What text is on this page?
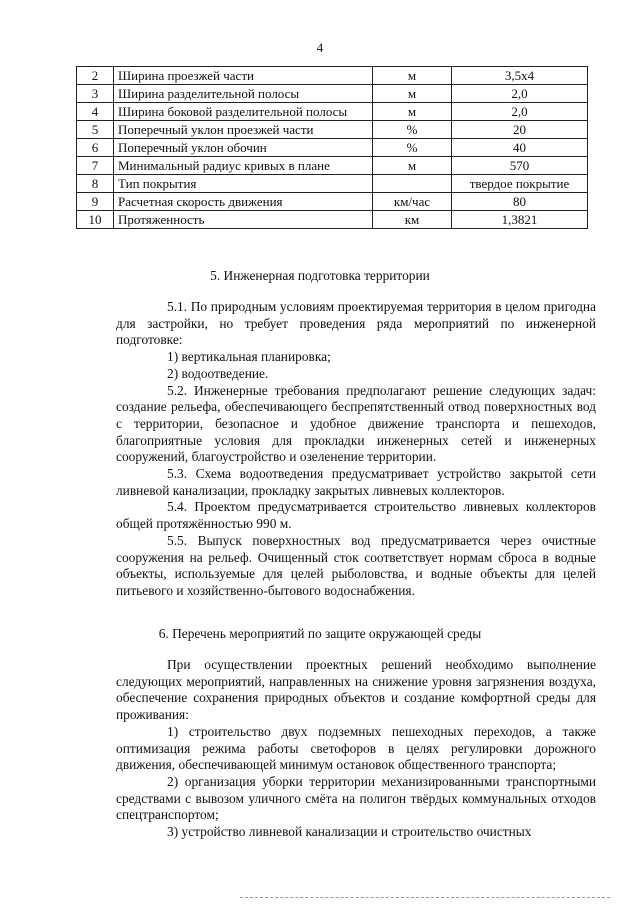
4
2	Ширина проезжей части	м	3,5х4
3	Ширина разделительной полосы	м	2,0
4	Ширина боковой разделительной полосы	м	2,0
5	Поперечный уклон проезжей части	%	20
6	Поперечный уклон обочин	%	40
7	Минимальный радиус кривых в плане	м	570
8	Тип покрытия		твердое покрытие
9	Расчетная скорость движения	км/час	80
10	Протяженность	км	1,3821
5. Инженерная подготовка территории

5.1. По природным условиям проектируемая территория в целом пригодна для застройки, но требует проведения ряда мероприятий по инженерной подготовке:

1) вертикальная планировка;

2) водоотведение.

5.2. Инженерные требования предполагают решение следующих задач: создание рельефа, обеспечивающего беспрепятственный отвод поверхностных вод с территории, безопасное и удобное движение транспорта и пешеходов, благоприятные условия для прокладки инженерных сетей и инженерных сооружений, благоустройство и озеленение территории.

5.3. Схема водоотведения предусматривает устройство закрытой сети ливневой канализации, прокладку закрытых ливневых коллекторов.

5.4. Проектом предусматривается строительство ливневых коллекторов общей протяжённостью 990 м.

5.5. Выпуск поверхностных вод предусматривается через очистные сооружения на рельеф. Очищенный сток соответствует нормам сброса в водные объекты, используемые для целей рыболовства, и водные объекты для целей питьевого и хозяйственно-бытового водоснабжения.

6. Перечень мероприятий по защите окружающей среды

При осуществлении проектных решений необходимо выполнение следующих мероприятий, направленных на снижение уровня загрязнения воздуха, обеспечение сохранения природных объектов и создание комфортной среды для проживания:

1) строительство двух подземных пешеходных переходов, а также оптимизация режима работы светофоров в целях регулировки дорожного движения, обеспечивающей минимум остановок общественного транспорта;

2) организация уборки территории механизированными транспортными средствами с вывозом уличного смёта на полигон твёрдых коммунальных отходов спецтранспортом;

3) устройство ливневой канализации и строительство очистных
